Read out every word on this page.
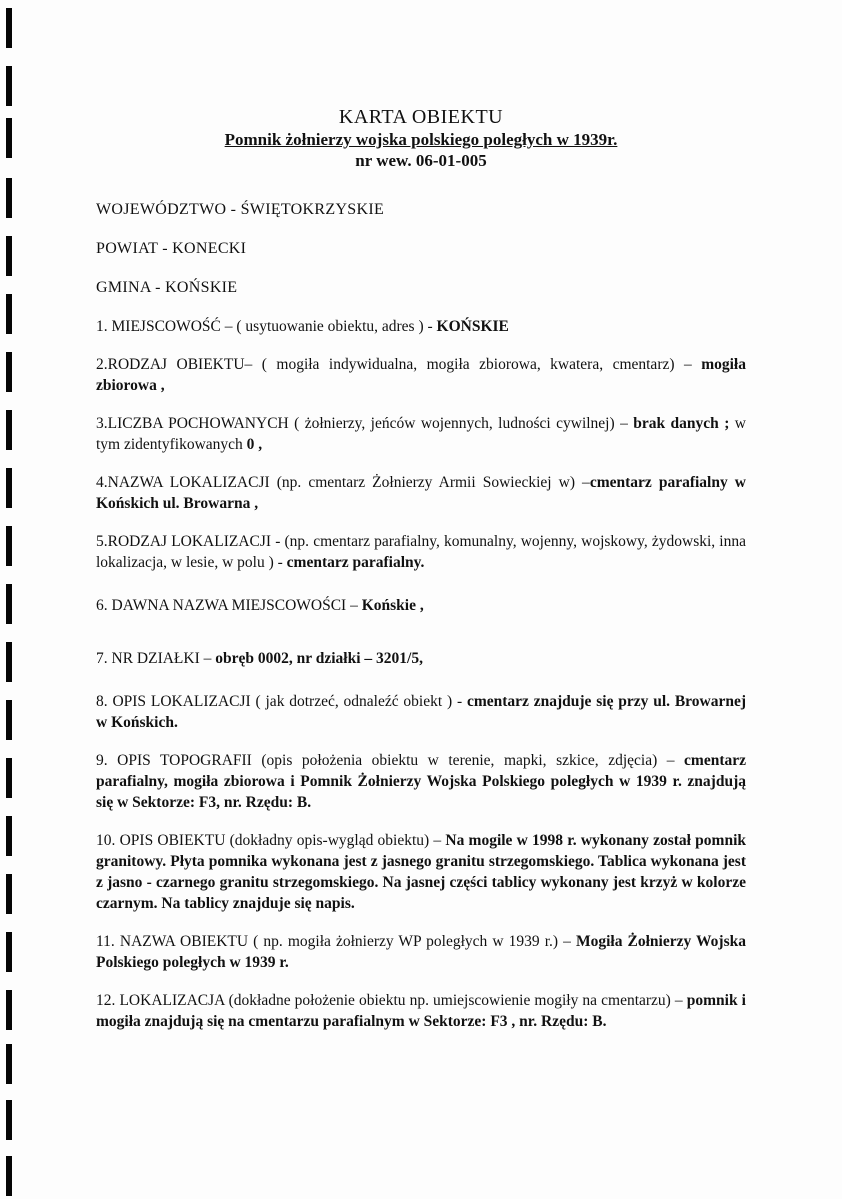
KARTA OBIEKTU
Pomnik żołnierzy wojska polskiego poległych w 1939r.
nr wew. 06-01-005
WOJEWÓDZTWO - ŚWIĘTOKRZYSKIE
POWIAT - KONECKI
GMINA - KOŃSKIE

1. MIEJSCOWOŚĆ – ( usytuowanie obiektu, adres ) - KOŃSKIE

2.RODZAJ OBIEKTU– ( mogiła indywidualna, mogiła zbiorowa, kwatera, cmentarz) – mogiła zbiorowa ,

3.LICZBA POCHOWANYCH ( żołnierzy, jeńców wojennych, ludności cywilnej) – brak danych ; w tym zidentyfikowanych 0 ,

4.NAZWA LOKALIZACJI (np. cmentarz Żołnierzy Armii Sowieckiej w) –cmentarz parafialny w Końskich ul. Browarna ,

5.RODZAJ LOKALIZACJI - (np. cmentarz parafialny, komunalny, wojenny, wojskowy, żydowski, inna lokalizacja, w lesie, w polu ) - cmentarz parafialny.

6. DAWNA NAZWA MIEJSCOWOŚCI – Końskie ,

7. NR DZIAŁKI – obręb 0002, nr działki – 3201/5,

8. OPIS LOKALIZACJI ( jak dotrzeć, odnaleźć obiekt ) - cmentarz znajduje się przy ul. Browarnej w Końskich.

9. OPIS TOPOGRAFII (opis położenia obiektu w terenie, mapki, szkice, zdjęcia) – cmentarz parafialny, mogiła zbiorowa i Pomnik Żołnierzy Wojska Polskiego poległych w 1939 r. znajdują się w Sektorze: F3, nr. Rzędu: B.

10. OPIS OBIEKTU (dokładny opis-wygląd obiektu) – Na mogile w 1998 r. wykonany został pomnik granitowy. Płyta pomnika wykonana jest z jasnego granitu strzegomskiego. Tablica wykonana jest z jasno - czarnego granitu strzegomskiego. Na jasnej części tablicy wykonany jest krzyż w kolorze czarnym. Na tablicy znajduje się napis.

11. NAZWA OBIEKTU ( np. mogiła żołnierzy WP poległych w 1939 r.) – Mogiła Żołnierzy Wojska Polskiego poległych w 1939 r.

12. LOKALIZACJA (dokładne położenie obiektu np. umiejscowienie mogiły na cmentarzu) – pomnik i mogiła znajdują się na cmentarzu parafialnym w Sektorze: F3 , nr. Rzędu: B.
